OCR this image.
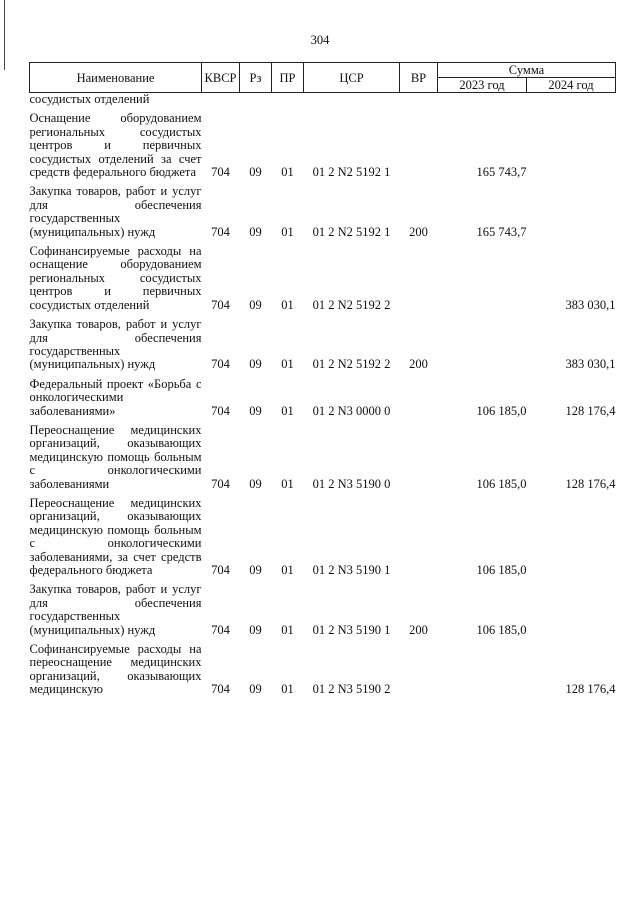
304
Наименование	КВСР	Рз	ПР	ЦСР	ВР	Сумма	
						2023 год	2024 год
сосудистых отделений							
Оснащение оборудованием региональных сосудистых центров и первичных сосудистых отделений за счет средств федерального бюджета	704	09	01	01 2 N2 5192 1		165 743,7	
Закупка товаров, работ и услуг для обеспечения государственных (муниципальных) нужд	704	09	01	01 2 N2 5192 1	200	165 743,7	
Софинансируемые расходы на оснащение оборудованием региональных сосудистых центров и первичных сосудистых отделений	704	09	01	01 2 N2 5192 2			383 030,1
Закупка товаров, работ и услуг для обеспечения государственных (муниципальных) нужд	704	09	01	01 2 N2 5192 2	200		383 030,1
Федеральный проект «Борьба с онкологическими заболеваниями»	704	09	01	01 2 N3 0000 0		106 185,0	128 176,4
Переоснащение медицинских организаций, оказывающих медицинскую помощь больным с онкологическими заболеваниями	704	09	01	01 2 N3 5190 0		106 185,0	128 176,4
Переоснащение медицинских организаций, оказывающих медицинскую помощь больным с онкологическими заболеваниями, за счет средств федерального бюджета	704	09	01	01 2 N3 5190 1		106 185,0	
Закупка товаров, работ и услуг для обеспечения государственных (муниципальных) нужд	704	09	01	01 2 N3 5190 1	200	106 185,0	
Софинансируемые расходы на переоснащение медицинских организаций, оказывающих медицинскую	704	09	01	01 2 N3 5190 2			128 176,4
